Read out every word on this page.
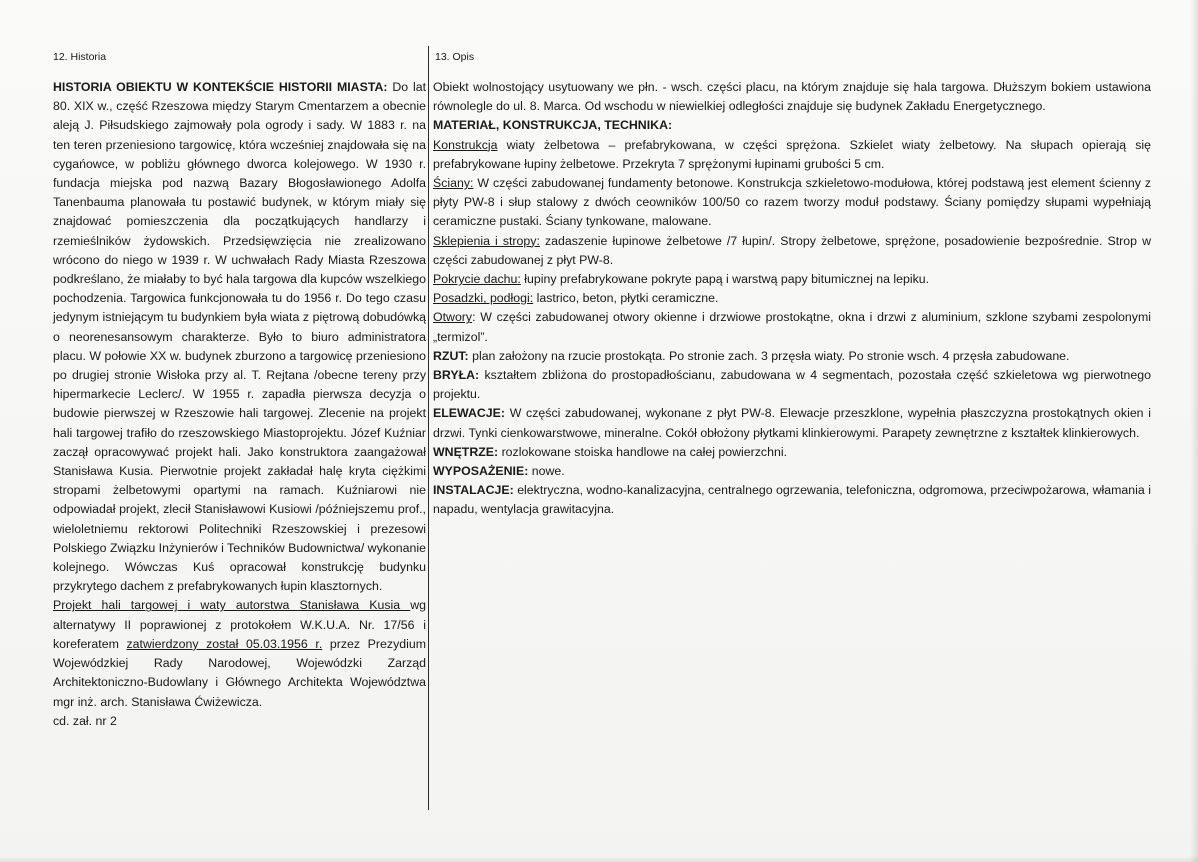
12. Historia

HISTORIA OBIEKTU W KONTEKŚCIE HISTORII MIASTA: Do lat 80. XIX w., część Rzeszowa między Starym Cmentarzem a obecnie aleją J. Piłsudskiego zajmowały pola ogrody i sady. W 1883 r. na ten teren przeniesiono targowicę, która wcześniej znajdowała się na cygańowce, w pobliżu głównego dworca kolejowego. W 1930 r. fundacja miejska pod nazwą Bazary Błogosławionego Adolfa Tanenbauma planowała tu postawić budynek, w którym miały się znajdować pomieszczenia dla początkujących handlarzy i rzemieślników żydowskich. Przedsięwzięcia nie zrealizowano wrócono do niego w 1939 r. W uchwałach Rady Miasta Rzeszowa podkreślano, że miałaby to być hala targowa dla kupców wszelkiego pochodzenia. Targowica funkcjonowała tu do 1956 r. Do tego czasu jedynym istniejącym tu budynkiem była wiata z piętrową dobudówką o neorenesansowym charakterze. Było to biuro administratora placu. W połowie XX w. budynek zburzono a targowicę przeniesiono po drugiej stronie Wisłoka przy al. T. Rejtana /obecne tereny przy hipermarkecie Leclerc/. W 1955 r. zapadła pierwsza decyzja o budowie pierwszej w Rzeszowie hali targowej. Zlecenie na projekt hali targowej trafiło do rzeszowskiego Miastoprojektu. Józef Kuźniar zaczął opracowywać projekt hali. Jako konstruktora zaangażował Stanisława Kusia. Pierwotnie projekt zakładał halę kryta ciężkimi stropami żelbetowymi opartymi na ramach. Kuźniarowi nie odpowiadał projekt, zlecił Stanisławowi Kusiowi /późniejszemu prof., wieloletniemu rektorowi Politechniki Rzeszowskiej i prezesowi Polskiego Związku Inżynierów i Techników Budownictwa/ wykonanie kolejnego. Wówczas Kuś opracował konstrukcję budynku przykrytego dachem z prefabrykowanych łupin klasztornych.

Projekt hali targowej i waty autorstwa Stanisława Kusia wg alternatywy II poprawionej z protokołem W.K.U.A. Nr. 17/56 i koreferatem zatwierdzony został 05.03.1956 r. przez Prezydium Wojewódzkiej Rady Narodowej, Wojewódzki Zarząd Architektoniczno-Budowlany i Głównego Architekta Województwa mgr inż. arch. Stanisława Ćwiżewicza.

cd. zał. nr 2

13. Opis

Obiekt wolnostojący usytuowany we płn. - wsch. części placu, na którym znajduje się hala targowa. Dłuższym bokiem ustawiona równolegle do ul. 8. Marca. Od wschodu w niewielkiej odległości znajduje się budynek Zakładu Energetycznego.

MATERIAŁ, KONSTRUKCJA, TECHNIKA:

Konstrukcja wiaty żelbetowa – prefabrykowana, w części sprężona. Szkielet wiaty żelbetowy. Na słupach opierają się prefabrykowane łupiny żelbetowe. Przekryta 7 sprężonymi łupinami grubości 5 cm.

Ściany: W części zabudowanej fundamenty betonowe. Konstrukcja szkieletowo-modułowa, której podstawą jest element ścienny z płyty PW-8 i słup stalowy z dwóch ceowników 100/50 co razem tworzy moduł podstawy. Ściany pomiędzy słupami wypełniają ceramiczne pustaki. Ściany tynkowane, malowane.

Sklepienia i stropy: zadaszenie łupinowe żelbetowe /7 łupin/. Stropy żelbetowe, sprężone, posadowienie bezpośrednie. Strop w części zabudowanej z płyt PW-8.

Pokrycie dachu: łupiny prefabrykowane pokryte papą i warstwą papy bitumicznej na lepiku.

Posadzki, podłogi: lastrico, beton, płytki ceramiczne.

Otwory: W części zabudowanej otwory okienne i drzwiowe prostokątne, okna i drzwi z aluminium, szklone szybami zespolonymi „termizol”.

RZUT: plan założony na rzucie prostokąta. Po stronie zach. 3 przęsła wiaty. Po stronie wsch. 4 przęsła zabudowane.

BRYŁA: kształtem zbliżona do prostopadłościanu, zabudowana w 4 segmentach, pozostała część szkieletowa wg pierwotnego projektu.

ELEWACJE: W części zabudowanej, wykonane z płyt PW-8. Elewacje przeszklone, wypełnia płaszczyzna prostokątnych okien i drzwi. Tynki cienkowarstwowe, mineralne. Cokół obłożony płytkami klinkierowymi. Parapety zewnętrzne z kształtek klinkierowych.

WNĘTRZE: rozlokowane stoiska handlowe na całej powierzchni.

WYPOSAŻENIE: nowe.

INSTALACJE: elektryczna, wodno-kanalizacyjna, centralnego ogrzewania, telefoniczna, odgromowa, przeciwpożarowa, włamania i napadu, wentylacja grawitacyjna.
